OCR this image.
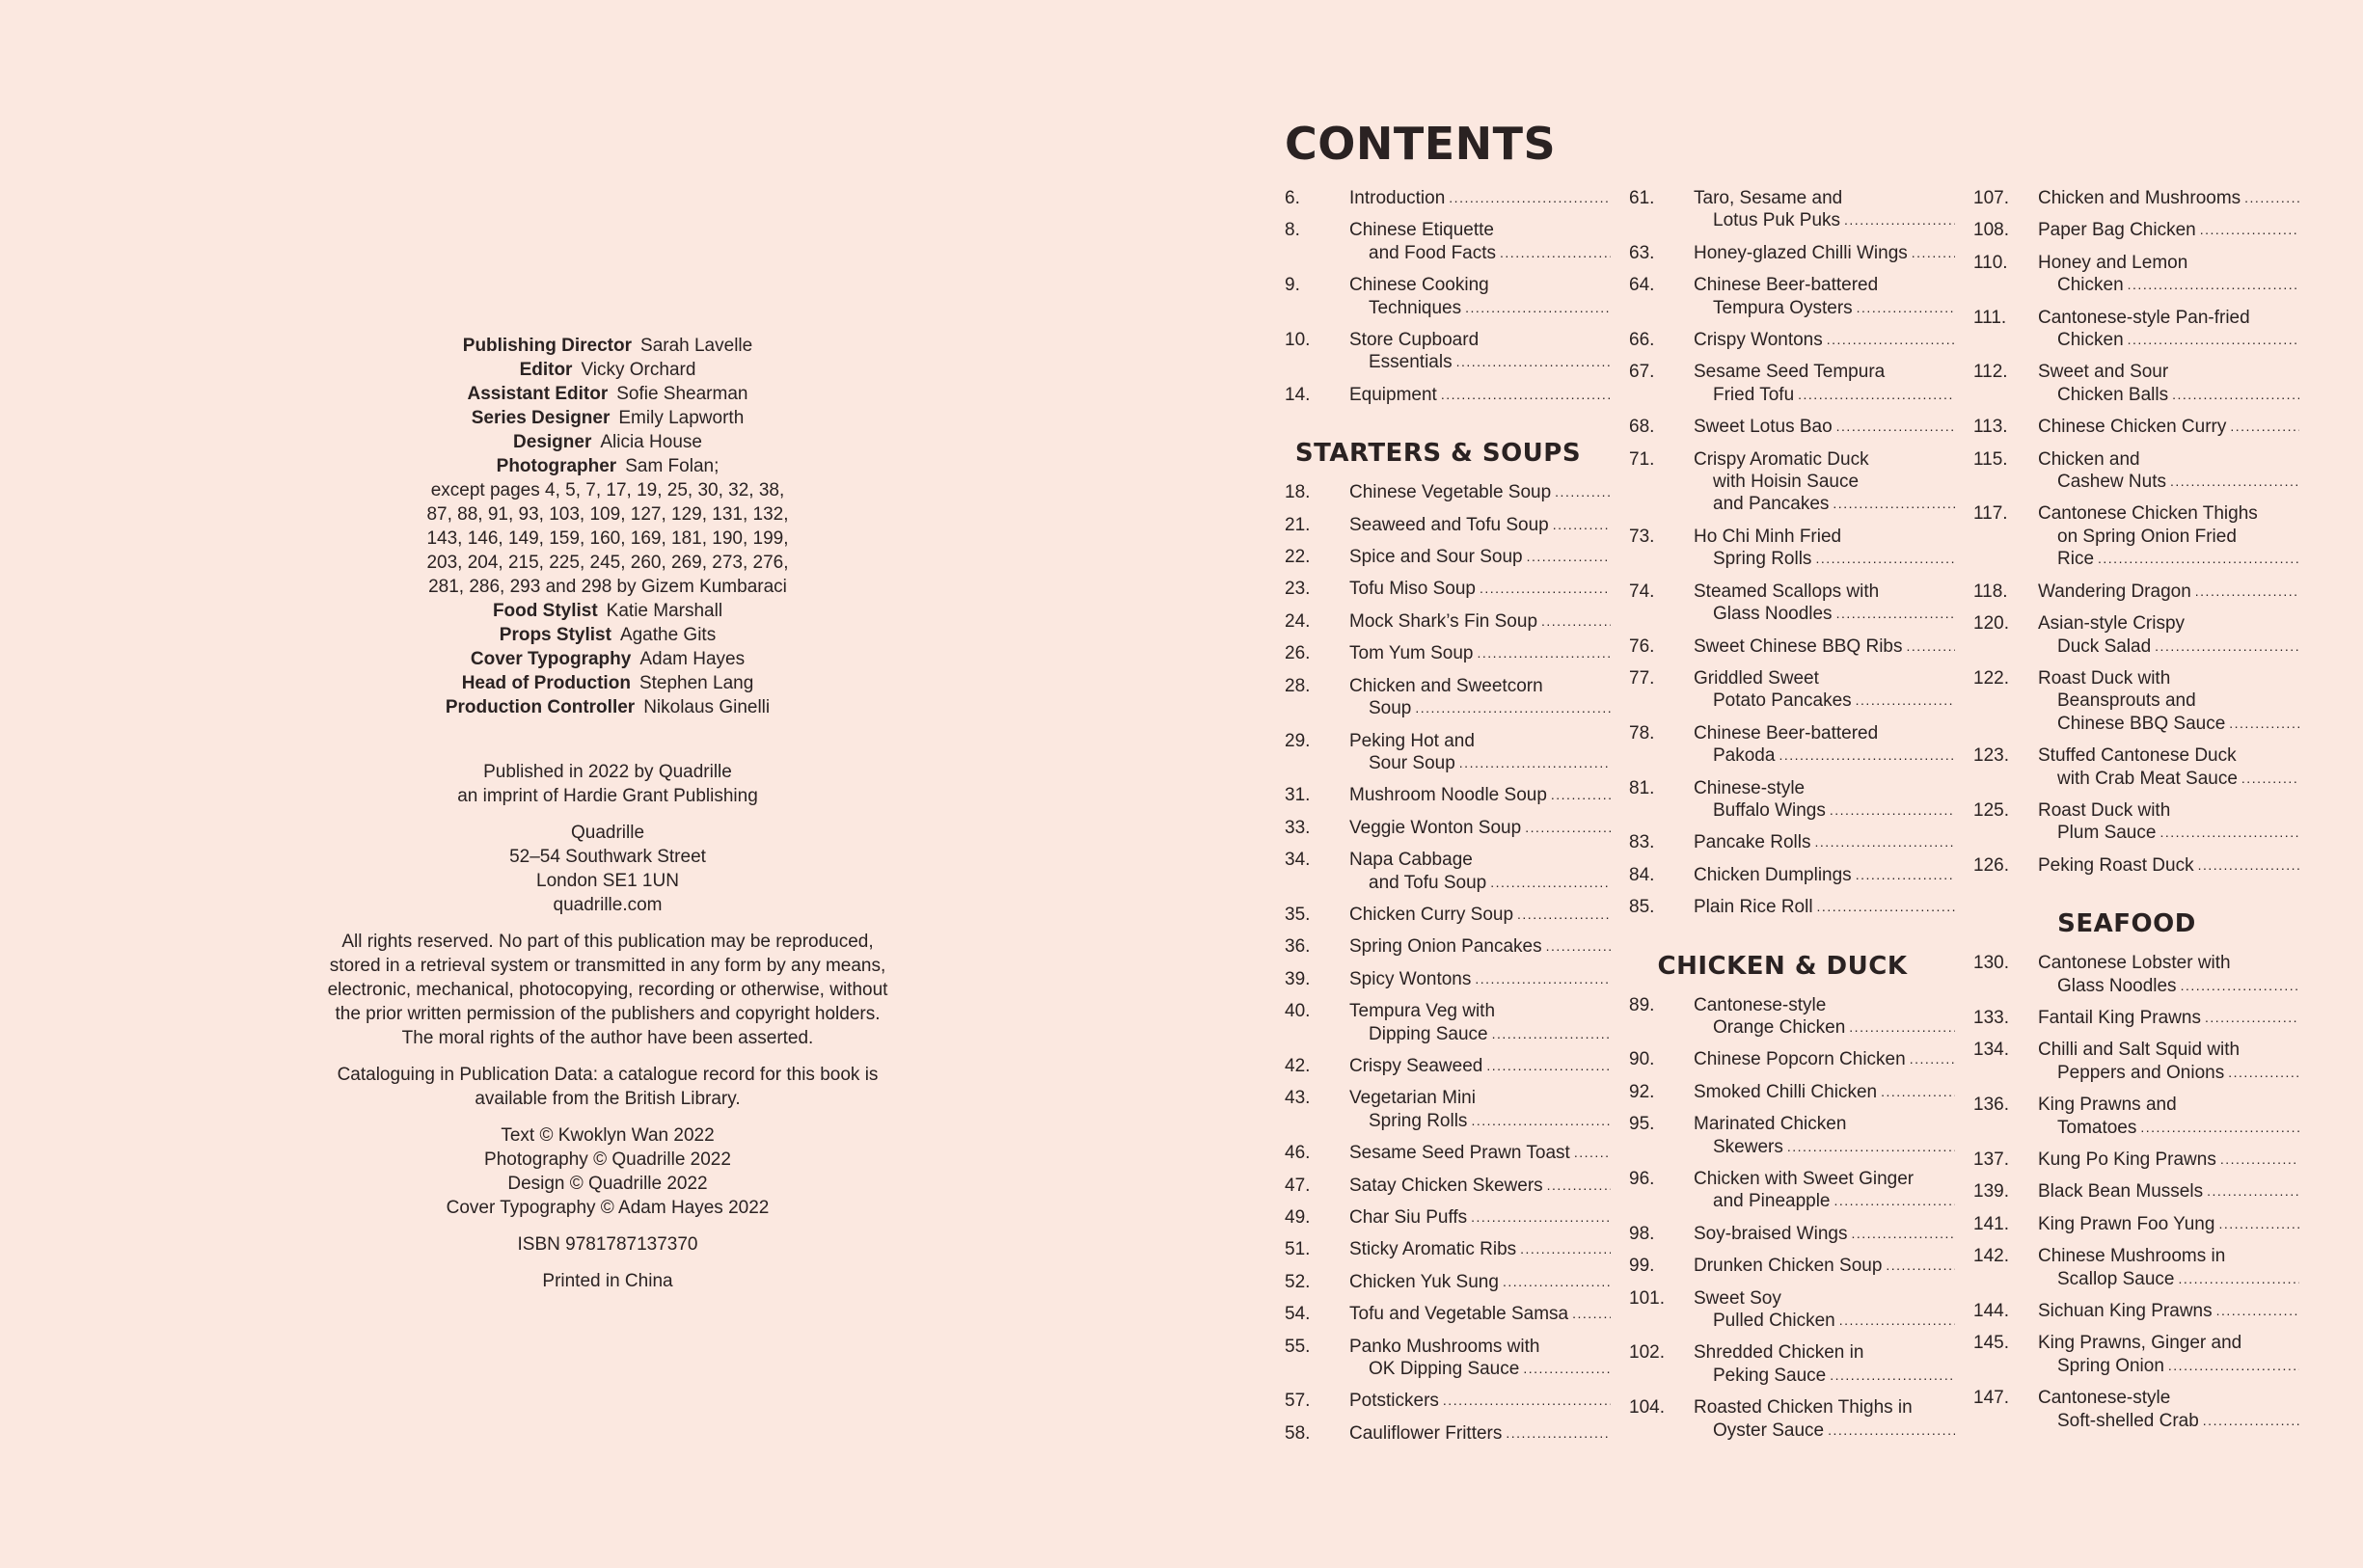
Publishing Director Sarah Lavelle
Editor Vicky Orchard
Assistant Editor Sofie Shearman
Series Designer Emily Lapworth
Designer Alicia House
Photographer Sam Folan;
except pages 4, 5, 7, 17, 19, 25, 30, 32, 38,
87, 88, 91, 93, 103, 109, 127, 129, 131, 132,
143, 146, 149, 159, 160, 169, 181, 190, 199,
203, 204, 215, 225, 245, 260, 269, 273, 276,
281, 286, 293 and 298 by Gizem Kumbaraci
Food Stylist Katie Marshall
Props Stylist Agathe Gits
Cover Typography Adam Hayes
Head of Production Stephen Lang
Production Controller Nikolaus Ginelli
Published in 2022 by Quadrille
an imprint of Hardie Grant Publishing
Quadrille
52–54 Southwark Street
London SE1 1UN
quadrille.com

All rights reserved. No part of this publication may be reproduced, stored in a retrieval system or transmitted in any form by any means, electronic, mechanical, photocopying, recording or otherwise, without the prior written permission of the publishers and copyright holders. The moral rights of the author have been asserted.

Cataloguing in Publication Data: a catalogue record for this book is available from the British Library.

Text © Kwoklyn Wan 2022
Photography © Quadrille 2022
Design © Quadrille 2022
Cover Typography © Adam Hayes 2022
ISBN 9781787137370
Printed in China
CONTENTS
6.	Introduction
.....
8.	Chinese Etiquette
and Food Facts
.....
9.	Chinese Cooking
Techniques
.....
10.	Store Cupboard
Essentials
.....
14.	Equipment
.....
STARTERS & SOUPS
18.	Chinese Vegetable Soup
.....
21.	Seaweed and Tofu Soup
.....
22.	Spice and Sour Soup
.....
23.	Tofu Miso Soup
.....
24.	Mock Shark’s Fin Soup
.....
26.	Tom Yum Soup
.....
28.	Chicken and Sweetcorn
Soup
.....
29.	Peking Hot and
Sour Soup
.....
31.	Mushroom Noodle Soup
.....
33.	Veggie Wonton Soup
.....
34.	Napa Cabbage
and Tofu Soup
.....
35.	Chicken Curry Soup
.....
36.	Spring Onion Pancakes
.....
39.	Spicy Wontons
.....
40.	Tempura Veg with
Dipping Sauce
.....
42.	Crispy Seaweed
.....
43.	Vegetarian Mini
Spring Rolls
.....
46.	Sesame Seed Prawn Toast
.....
47.	Satay Chicken Skewers
.....
49.	Char Siu Puffs
.....
51.	Sticky Aromatic Ribs
.....
52.	Chicken Yuk Sung
.....
54.	Tofu and Vegetable Samsa
.....
55.	Panko Mushrooms with
OK Dipping Sauce
.....
57.	Potstickers
.....
58.	Cauliflower Fritters
.....
61.	Taro, Sesame and
Lotus Puk Puks
.....
63.	Honey-glazed Chilli Wings
.....
64.	Chinese Beer-battered
Tempura Oysters
.....
66.	Crispy Wontons
.....
67.	Sesame Seed Tempura
Fried Tofu
.....
68.	Sweet Lotus Bao
.....
71.	Crispy Aromatic Duck
with Hoisin Sauce
and Pancakes
.....
73.	Ho Chi Minh Fried
Spring Rolls
.....
74.	Steamed Scallops with
Glass Noodles
.....
76.	Sweet Chinese BBQ Ribs
.....
77.	Griddled Sweet
Potato Pancakes
.....
78.	Chinese Beer-battered
Pakoda
.....
81.	Chinese-style
Buffalo Wings
.....
83.	Pancake Rolls
.....
84.	Chicken Dumplings
.....
85.	Plain Rice Roll
.....
CHICKEN & DUCK
89.	Cantonese-style
Orange Chicken
.....
90.	Chinese Popcorn Chicken
.....
92.	Smoked Chilli Chicken
.....
95.	Marinated Chicken
Skewers
.....
96.	Chicken with Sweet Ginger
and Pineapple
.....
98.	Soy-braised Wings
.....
99.	Drunken Chicken Soup
.....
101.	Sweet Soy
Pulled Chicken
.....
102.	Shredded Chicken in
Peking Sauce
.....
104.	Roasted Chicken Thighs in
Oyster Sauce
.....
107.	Chicken and Mushrooms
.....
108.	Paper Bag Chicken
.....
110.	Honey and Lemon
Chicken
.....
111.	Cantonese-style Pan-fried
Chicken
.....
112.	Sweet and Sour
Chicken Balls
.....
113.	Chinese Chicken Curry
.....
115.	Chicken and
Cashew Nuts
.....
117.	Cantonese Chicken Thighs
on Spring Onion Fried
Rice
.....
118.	Wandering Dragon
.....
120.	Asian-style Crispy
Duck Salad
.....
122.	Roast Duck with
Beansprouts and
Chinese BBQ Sauce
.....
123.	Stuffed Cantonese Duck
with Crab Meat Sauce
.....
125.	Roast Duck with
Plum Sauce
.....
126.	Peking Roast Duck
.....
SEAFOOD
130.	Cantonese Lobster with
Glass Noodles
.....
133.	Fantail King Prawns
.....
134.	Chilli and Salt Squid with
Peppers and Onions
.....
136.	King Prawns and
Tomatoes
.....
137.	Kung Po King Prawns
.....
139.	Black Bean Mussels
.....
141.	King Prawn Foo Yung
.....
142.	Chinese Mushrooms in
Scallop Sauce
.....
144.	Sichuan King Prawns
.....
145.	King Prawns, Ginger and
Spring Onion
.....
147.	Cantonese-style
Soft-shelled Crab
.....
